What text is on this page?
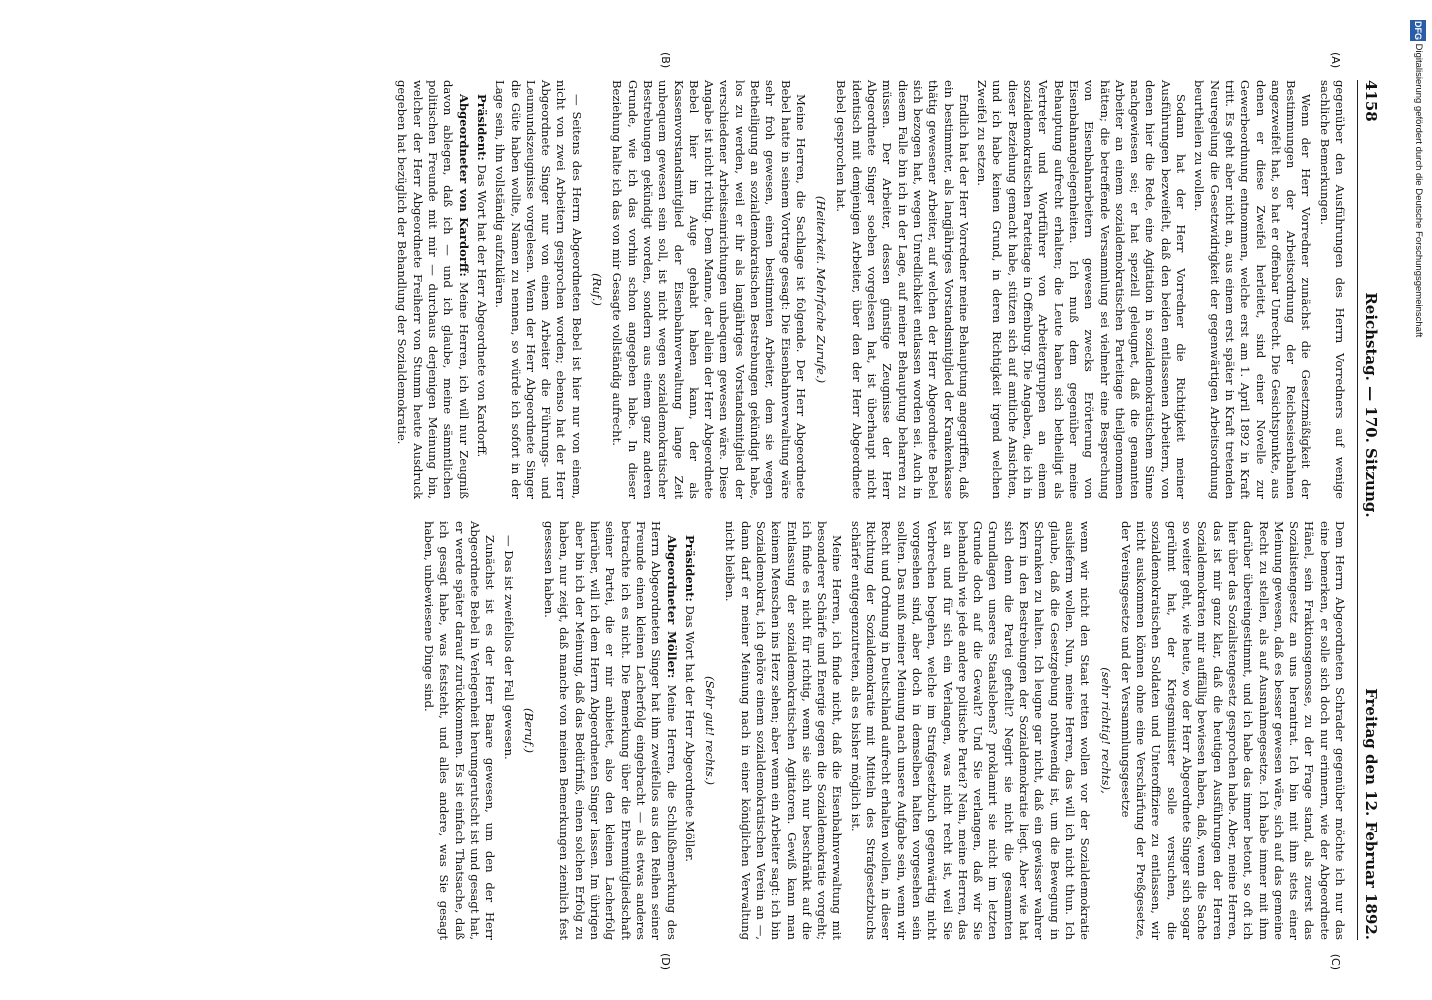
4158
Reichstag. — 170. Sitzung.
Freitag den 12. Februar 1892.
(A)
(B)
(C)
(D)

gegenüber den Ausführungen des Herrn Vorredners auf wenige sachliche Bemerkungen.

Wenn der Herr Vorredner zunächst die Gesetzmäßigkeit der Bestimmungen der Arbeitsordnung der Reichseisenbahnen angezweifelt hat, so hat er offenbar Unrecht. Die Gesichtspunkte, aus denen er diese Zweifel herleitet, sind einer Novelle zur Gewerbeordnung entnommen, welche erst am 1. April 1892 in Kraft tritt. Es geht aber nicht an, aus einem erst später in Kraft tretenden Neuregelung die Gesetzwidrigkeit der gegenwärtigen Arbeitsordnung beurtheilen zu wollen.

Sodann hat der Herr Vorredner die Richtigkeit meiner Ausführungen bezweifelt, daß den beiden entlassenen Arbeitern, von denen hier die Rede, eine Agitation in sozialdemokratischem Sinne nachgewiesen sei; er hat speziell geleugnet, daß die genannten Arbeiter an einem sozialdemokratischen Parteitage theilgenommen hätten; die betreffende Versammlung sei vielmehr eine Besprechung von Eisenbahnarbeitern gewesen zwecks Erörterung von Eisenbahnangelegenheiten. Ich muß dem gegenüber meine Behauptung aufrecht erhalten; die Leute haben sich betheiligt als Vertreter und Wortführer von Arbeitergruppen an einem sozialdemokratischen Parteitage in Offenburg. Die Angaben, die ich in dieser Beziehung gemacht habe, stützen sich auf amtliche Ansichten, und ich habe keinen Grund, in deren Richtigkeit irgend welchen Zweifel zu setzen.

Endlich hat der Herr Vorredner meine Behauptung angegriffen, daß ein bestimmter, als langjähriges Vorstandsmitglied der Krankenkasse thätig gewesener Arbeiter, auf welchen der Herr Abgeordnete Bebel sich bezogen hat, wegen Unredlichkeit entlassen worden sei. Auch in diesem Falle bin ich in der Lage, auf meiner Behauptung beharren zu müssen. Der Arbeiter, dessen günstige Zeugnisse der Herr Abgeordnete Singer soeben vorgelesen hat, ist überhaupt nicht identisch mit demjenigen Arbeiter, über den der Herr Abgeordnete Bebel gesprochen hat.

(Heiterkeit. Mehrfache Zurufe.)

Meine Herren, die Sachlage ist folgende. Der Herr Abgeordnete Bebel hatte in seinem Vortrage gesagt: Die Eisenbahnverwaltung wäre sehr froh gewesen, einen bestimmten Arbeiter, dem sie wegen Betheiligung an sozialdemokratischen Bestrebungen gekündigt habe, los zu werden, weil er ihr als langjähriges Vorstandsmitglied der verschiedener Arbeitseinrichtungen unbequem gewesen wäre. Diese Angabe ist nicht richtig. Dem Manne, der allein der Herr Abgeordnete Bebel hier im Auge gehabt haben kann, der als Kassenvorstandsmitglied der Eisenbahnverwaltung lange Zeit unbequem gewesen sein soll, ist nicht wegen sozialdemokratischer Bestrebungen gekündigt worden, sondern aus einem ganz anderen Grunde, wie ich das vorhin schon angegeben habe. In dieser Beziehung halte ich das von mir Gesagte vollständig aufrecht.

(Ruf.)

— Seitens des Herrn Abgeordneten Bebel ist hier nur von einem, nicht von zwei Arbeitern gesprochen worden; ebenso hat der Herr Abgeordnete Singer nur von einem Arbeiter die Führungs- und Leumundszeugnisse vorgelesen. Wenn der Herr Abgeordnete Singer die Güte haben wollte, Namen zu nennen, so würde ich sofort in der Lage sein, ihn vollständig aufzuklären.

Präsident: Das Wort hat der Herr Abgeordnete von Kardorff.

Abgeordneter von Kardorff: Meine Herren, ich will nur Zeugniß davon ablegen, daß ich — und ich glaube, meine sämmtlichen politischen Freunde mit mir — durchaus derjenigen Meinung bin, welcher der Herr Abgeordnete Freiherr von Stumm heute Ausdruck gegeben hat bezüglich der Behandlung der Sozialdemokratie.

Dem Herrn Abgeordneten Schrader gegenüber möchte ich nur das eine bemerken, er solle sich doch nur erinnern, wie der Abgeordnete Hänel, sein Fraktionsgenosse, zu der Frage stand, als zuerst das Sozialistengesetz an uns herantrat. Ich bin mit ihm stets einer Meinung gewesen, daß es besser gewesen wäre, sich auf das gemeine Recht zu stellen, als auf Ausnahmegesetze. Ich habe immer mit ihm darüber übereingestimmt, und ich habe das immer betont, so oft ich hier über das Sozialistengesetz gesprochen habe. Aber, meine Herren, das ist mir ganz klar, daß die heutigen Ausführungen der Herren Sozialdemokraten mir auffällig bewiesen haben, daß, wenn die Sache so weiter geht, wie heute, wo der Herr Abgeordnete Singer sich sogar gerühmt hat, der Kriegsminister solle versuchen, die sozialdemokratischen Soldaten und Unteroffiziere zu entlassen, wir nicht auskommen können ohne eine Verschärfung der Preßgesetze, der Vereinsgesetze und der Versammlungsgesetze

(sehr richtig! rechts),

wenn wir nicht den Staat retten wollen vor der Sozialdemokratie auslieferm wollen. Nun, meine Herren, das will ich nicht thun. Ich glaube, daß die Gesetzgebung nothwendig ist, um die Bewegung in Schranken zu halten. Ich leugne gar nicht, daß ein gewisser wahrer Kern in den Bestrebungen der Sozialdemokratie liegt. Aber wie hat sich denn die Partei geftellt? Negirt sie nicht die gesammten Grundlagen unseres Staatslebens? proklamirt sie nicht im letzten Grunde doch auf die Gewalt? Und Sie verlangen, daß wir Sie behandeln wie jede andere politische Partei? Nein, meine Herren, das ist an und für sich ein Verlangen, was nicht recht ist, weil Sie Verbrechen begehen, welche im Strafgesetzbuch gegenwärtig nicht vorgesehen sind, aber doch in demselben halten vorgesehen sein sollten. Das muß meiner Meinung nach unsere Aufgabe sein, wenn wir Recht und Ordnung in Deutschland aufrecht erhalten wollen, in dieser Richtung der Sozialdemokratie mit Mitteln des Strafgesetzbuchs schärfer entgegenzutreten, als es bisher möglich ist.

Meine Herren, ich finde nicht, daß die Eisenbahnverwaltung mit besonderer Schärfe und Energie gegen die Sozialdemokratie vorgeht; ich finde es nicht für richtig, wenn sie sich nur beschränkt auf die Entlassung der sozialdemokratischen Agitatoren. Gewiß kann man keinem Menschen ins Herz sehen; aber wenn ein Arbeiter sagt: ich bin Sozialdemokrat, ich gehöre einem sozialdemokratischen Verein an —, dann darf er meiner Meinung nach in einer königlichen Verwaltung nicht bleiben.

(Sehr gut! rechts.)

Präsident: Das Wort hat der Herr Abgeordnete Möller.

Abgeordneter Möller: Meine Herren, die Schlußbemerkung des Herrn Abgeordneten Singer hat ihm zweifellos aus den Reihen seiner Freunde einen kleinen Lacherfolg eingebracht — als etwas anderes betrachte ich es nicht. Die Bemerkung über die Ehrenmitgliedschaft seiner Partei, die er mir anbietet, also den kleinen Lacherfolg hierüber, will ich dem Herrn Abgeordneten Singer lassen. Im übrigen aber bin ich der Meinung, daß das Bedürfniß, einen solchen Erfolg zu haben, nur zeigt, daß manche von meinen Bemerkungen ziemlich fest gesessen haben.

(Beruf.)

— Das ist zweifellos der Fall gewesen.

Zunächst ist es der Herr Baare gewesen, um den der Herr Abgeordnete Bebel in Verlegenheit herumgerutscht ist und gesagt hat, er werde später darauf zurückkommen. Es ist einfach Thatsache, daß ich gesagt habe, was feststeht, und alles andere, was Sie gesagt haben, unbewiesene Dinge sind.

DFG Digitalisierung gefördert durch die Deutsche Forschungsgemeinschaft
